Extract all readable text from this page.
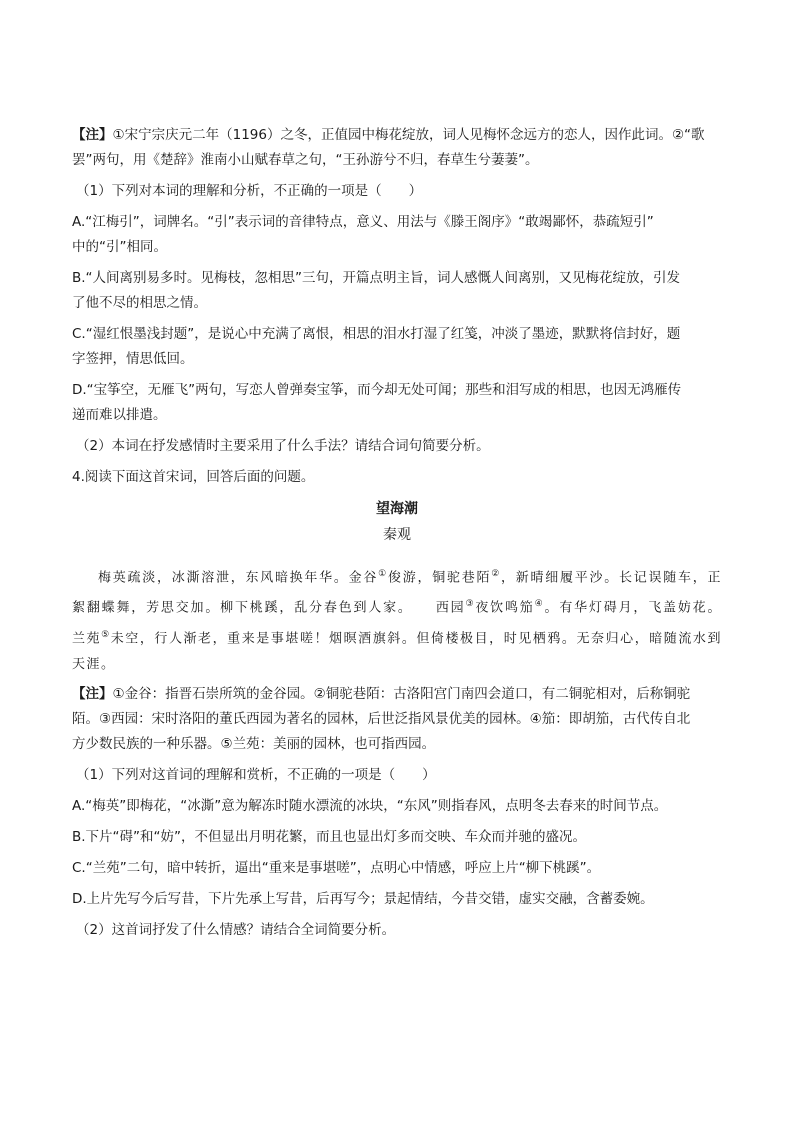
【注】①宋宁宗庆元二年（1196）之冬，正值园中梅花绽放，词人见梅怀念远方的恋人，因作此词。②“歌

罢”两句，用《楚辞》淮南小山赋春草之句，“王孙游兮不归，春草生兮萋萋”。

（1）下列对本词的理解和分析，不正确的一项是（　　）

A.“江梅引”，词牌名。“引”表示词的音律特点，意义、用法与《滕王阁序》“敢竭鄙怀，恭疏短引”

中的“引”相同。

B.“人间离别易多时。见梅枝，忽相思”三句，开篇点明主旨，词人感慨人间离别，又见梅花绽放，引发

了他不尽的相思之情。

C.“湿红恨墨浅封题”，是说心中充满了离恨，相思的泪水打湿了红笺，冲淡了墨迹，默默将信封好，题

字签押，情思低回。

D.“宝筝空，无雁飞”两句，写恋人曾弹奏宝筝，而今却无处可闻；那些和泪写成的相思，也因无鸿雁传

递而难以排遣。

（2）本词在抒发感情时主要采用了什么手法？请结合词句简要分析。

4.阅读下面这首宋词，回答后面的问题。

望海潮

秦观

梅英疏淡，冰澌溶泄，东风暗换年华。金谷①俊游，铜驼巷陌②，新晴细履平沙。长记误随车，正絮翻蝶舞，芳思交加。柳下桃蹊，乱分春色到人家。　　西园③夜饮鸣笳④。有华灯碍月，飞盖妨花。兰苑⑤未空，行人渐老，重来是事堪嗟！烟暝酒旗斜。但倚楼极目，时见栖鸦。无奈归心，暗随流水到天涯。

【注】①金谷：指晋石崇所筑的金谷园。②铜驼巷陌：古洛阳宫门南四会道口，有二铜驼相对，后称铜驼

陌。③西园：宋时洛阳的董氏西园为著名的园林，后世泛指风景优美的园林。④笳：即胡笳，古代传自北

方少数民族的一种乐器。⑤兰苑：美丽的园林，也可指西园。

（1）下列对这首词的理解和赏析，不正确的一项是（　　）

A.“梅英”即梅花，“冰澌”意为解冻时随水漂流的冰块，“东风”则指春风，点明冬去春来的时间节点。

B.下片“碍”和“妨”，不但显出月明花繁，而且也显出灯多而交映、车众而并驰的盛况。

C.“兰苑”二句，暗中转折，逼出“重来是事堪嗟”，点明心中情感，呼应上片“柳下桃蹊”。

D.上片先写今后写昔，下片先承上写昔，后再写今；景起情结，今昔交错，虚实交融，含蓄委婉。

（2）这首词抒发了什么情感？请结合全词简要分析。
